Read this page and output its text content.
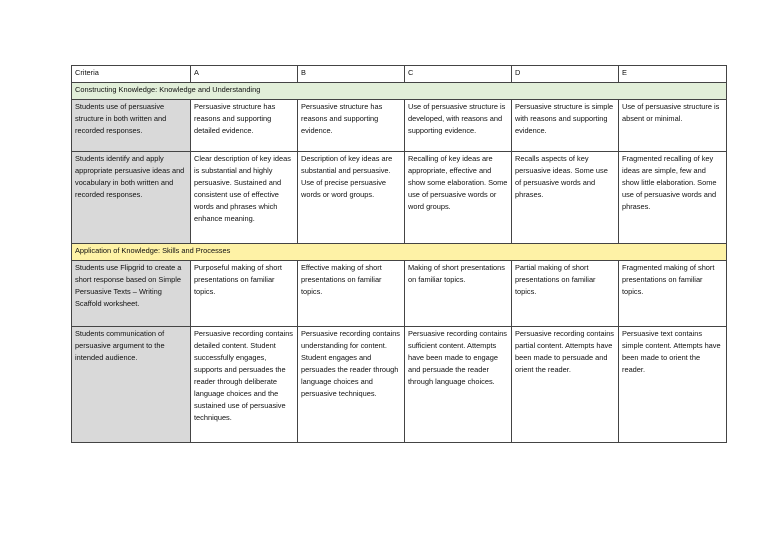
Criteria	A	B	C	D	E
Constructing Knowledge: Knowledge and Understanding					
Students use of persuasive structure in both written and recorded responses.	Persuasive structure has reasons and supporting detailed evidence.	Persuasive structure has reasons and supporting evidence.	Use of persuasive structure is developed, with reasons and supporting evidence.	Persuasive structure is simple with reasons and supporting evidence.	Use of persuasive structure is absent or minimal.
Students identify and apply appropriate persuasive ideas and vocabulary in both written and recorded responses.	Clear description of key ideas is substantial and highly persuasive. Sustained and consistent use of effective words and phrases which enhance meaning.	Description of key ideas are substantial and persuasive. Use of precise persuasive words or word groups.	Recalling of key ideas are appropriate, effective and show some elaboration. Some use of persuasive words or word groups.	Recalls aspects of key persuasive ideas. Some use of persuasive words and phrases.	Fragmented recalling of key ideas are simple, few and show little elaboration. Some use of persuasive words and phrases.
Application of Knowledge: Skills and Processes					
Students use Flipgrid to create a short response based on Simple Persuasive Texts – Writing Scaffold worksheet.	Purposeful making of short presentations on familiar topics.	Effective making of short presentations on familiar topics.	Making of short presentations on familiar topics.	Partial making of short presentations on familiar topics.	Fragmented making of short presentations on familiar topics.
Students communication of persuasive argument to the intended audience.	Persuasive recording contains detailed content. Student successfully engages, supports and persuades the reader through deliberate language choices and the sustained use of persuasive techniques.	Persuasive recording contains understanding for content. Student engages and persuades the reader through language choices and persuasive techniques.	Persuasive recording contains sufficient content. Attempts have been made to engage and persuade the reader through language choices.	Persuasive recording contains partial content. Attempts have been made to persuade and orient the reader.	Persuasive text contains simple content. Attempts have been made to orient the reader.
